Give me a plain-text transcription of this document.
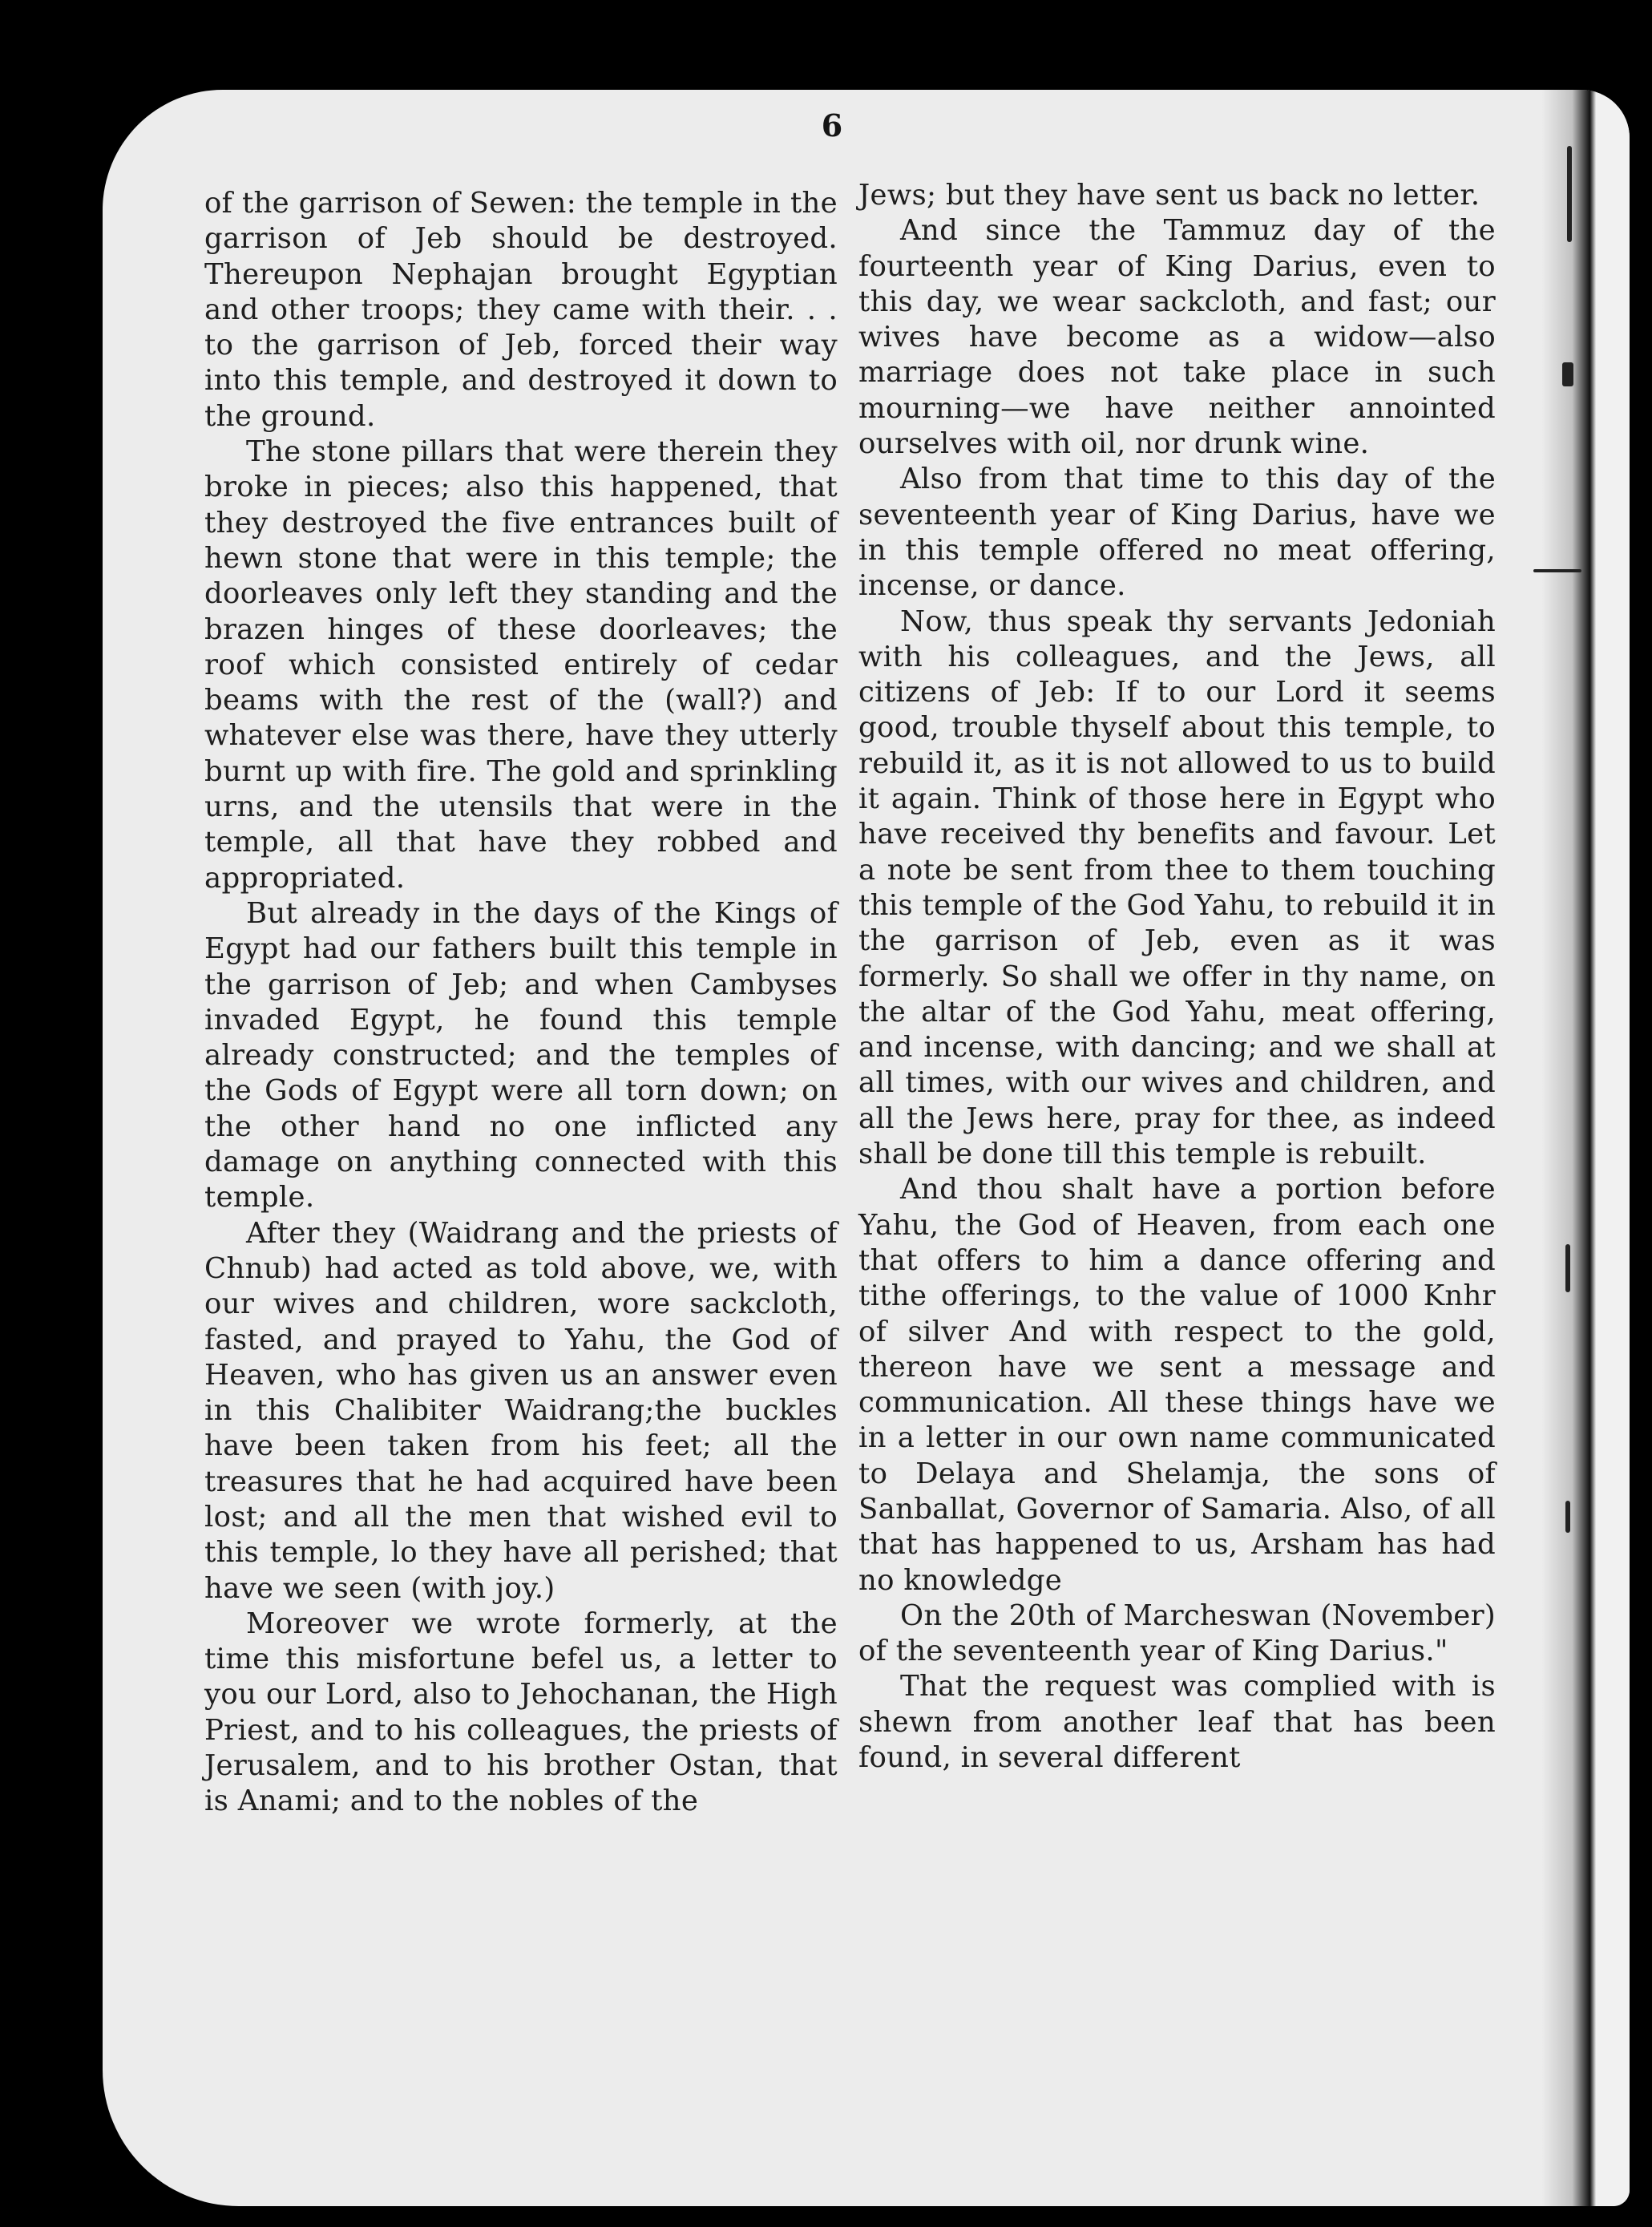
6

of the garrison of Sewen: the temple in the garrison of Jeb should be destroyed. Thereupon Nephajan brought Egyptian and other troops; they came with their. . . to the garrison of Jeb, forced their way into this temple, and destroyed it down to the ground.

The stone pillars that were therein they broke in pieces; also this happened, that they destroyed the five entrances built of hewn stone that were in this temple; the doorleaves only left they standing and the brazen hinges of these doorleaves; the roof which consisted entirely of cedar beams with the rest of the (wall?) and whatever else was there, have they utterly burnt up with fire. The gold and sprinkling urns, and the utensils that were in the temple, all that have they robbed and appropriated.

But already in the days of the Kings of Egypt had our fathers built this temple in the garrison of Jeb; and when Cambyses invaded Egypt, he found this temple already constructed; and the temples of the Gods of Egypt were all torn down; on the other hand no one inflicted any damage on anything connected with this temple.

After they (Waidrang and the priests of Chnub) had acted as told above, we, with our wives and children, wore sackcloth, fasted, and prayed to Yahu, the God of Heaven, who has given us an answer even in this Chalibiter Waidrang;the buckles have been taken from his feet; all the treasures that he had acquired have been lost; and all the men that wished evil to this temple, lo they have all perished; that have we seen (with joy.)

Moreover we wrote formerly, at the time this misfortune befel us, a letter to you our Lord, also to Jehochanan, the High Priest, and to his colleagues, the priests of Jerusalem, and to his brother Ostan, that is Anami; and to the nobles of the

Jews; but they have sent us back no letter.

And since the Tammuz day of the fourteenth year of King Darius, even to this day, we wear sackcloth, and fast; our wives have become as a widow—also marriage does not take place in such mourning—we have neither annointed ourselves with oil, nor drunk wine.

Also from that time to this day of the seventeenth year of King Darius, have we in this temple offered no meat offering, incense, or dance.

Now, thus speak thy servants Jedoniah with his colleagues, and the Jews, all citizens of Jeb: If to our Lord it seems good, trouble thyself about this temple, to rebuild it, as it is not allowed to us to build it again. Think of those here in Egypt who have received thy benefits and favour. Let a note be sent from thee to them touching this temple of the God Yahu, to rebuild it in the garrison of Jeb, even as it was formerly. So shall we offer in thy name, on the altar of the God Yahu, meat offering, and incense, with dancing; and we shall at all times, with our wives and children, and all the Jews here, pray for thee, as indeed shall be done till this temple is rebuilt.

And thou shalt have a portion before Yahu, the God of Heaven, from each one that offers to him a dance offering and tithe offerings, to the value of 1000 Knhr of silver And with respect to the gold, thereon have we sent a message and communication. All these things have we in a letter in our own name communicated to Delaya and Shelamja, the sons of Sanballat, Governor of Samaria. Also, of all that has happened to us, Arsham has had no knowledge

On the 20th of Marcheswan (November) of the seventeenth year of King Darius."

That the request was complied with is shewn from another leaf that has been found, in several different
